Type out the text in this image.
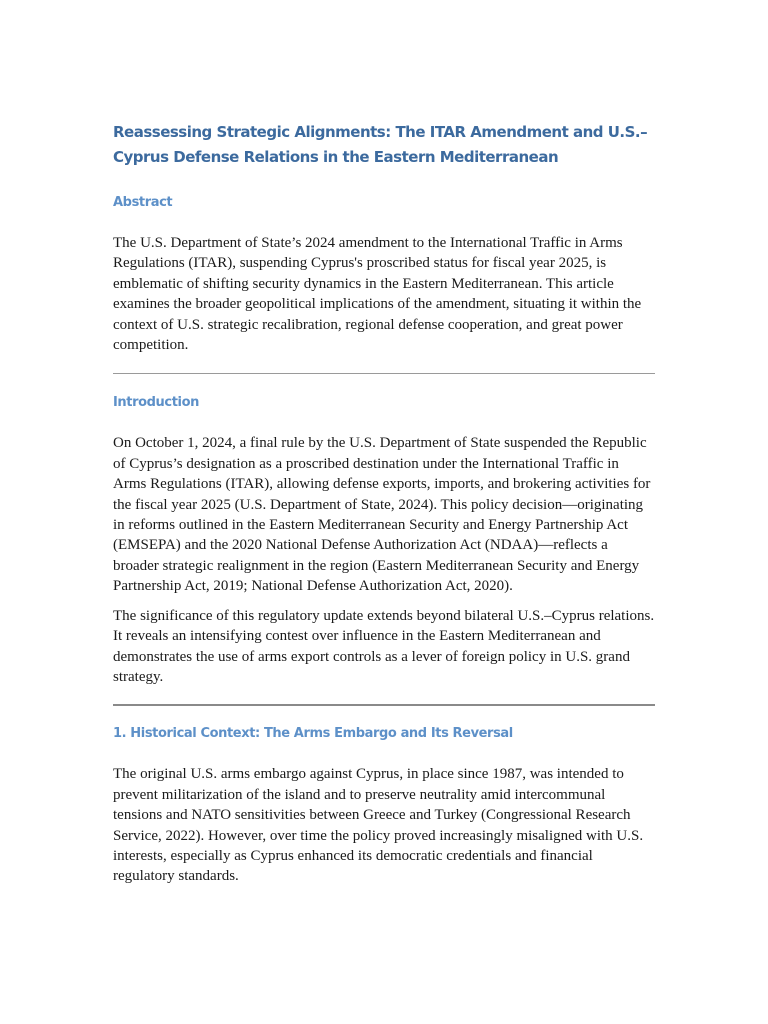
Reassessing Strategic Alignments: The ITAR Amendment and U.S.–Cyprus Defense Relations in the Eastern Mediterranean
Abstract

The U.S. Department of State’s 2024 amendment to the International Traffic in Arms Regulations (ITAR), suspending Cyprus's proscribed status for fiscal year 2025, is emblematic of shifting security dynamics in the Eastern Mediterranean. This article examines the broader geopolitical implications of the amendment, situating it within the context of U.S. strategic recalibration, regional defense cooperation, and great power competition.

Introduction

On October 1, 2024, a final rule by the U.S. Department of State suspended the Republic of Cyprus’s designation as a proscribed destination under the International Traffic in Arms Regulations (ITAR), allowing defense exports, imports, and brokering activities for the fiscal year 2025 (U.S. Department of State, 2024). This policy decision—originating in reforms outlined in the Eastern Mediterranean Security and Energy Partnership Act (EMSEPA) and the 2020 National Defense Authorization Act (NDAA)—reflects a broader strategic realignment in the region (Eastern Mediterranean Security and Energy Partnership Act, 2019; National Defense Authorization Act, 2020).

The significance of this regulatory update extends beyond bilateral U.S.–Cyprus relations. It reveals an intensifying contest over influence in the Eastern Mediterranean and demonstrates the use of arms export controls as a lever of foreign policy in U.S. grand strategy.

1. Historical Context: The Arms Embargo and Its Reversal

The original U.S. arms embargo against Cyprus, in place since 1987, was intended to prevent militarization of the island and to preserve neutrality amid intercommunal tensions and NATO sensitivities between Greece and Turkey (Congressional Research Service, 2022). However, over time the policy proved increasingly misaligned with U.S. interests, especially as Cyprus enhanced its democratic credentials and financial regulatory standards.
